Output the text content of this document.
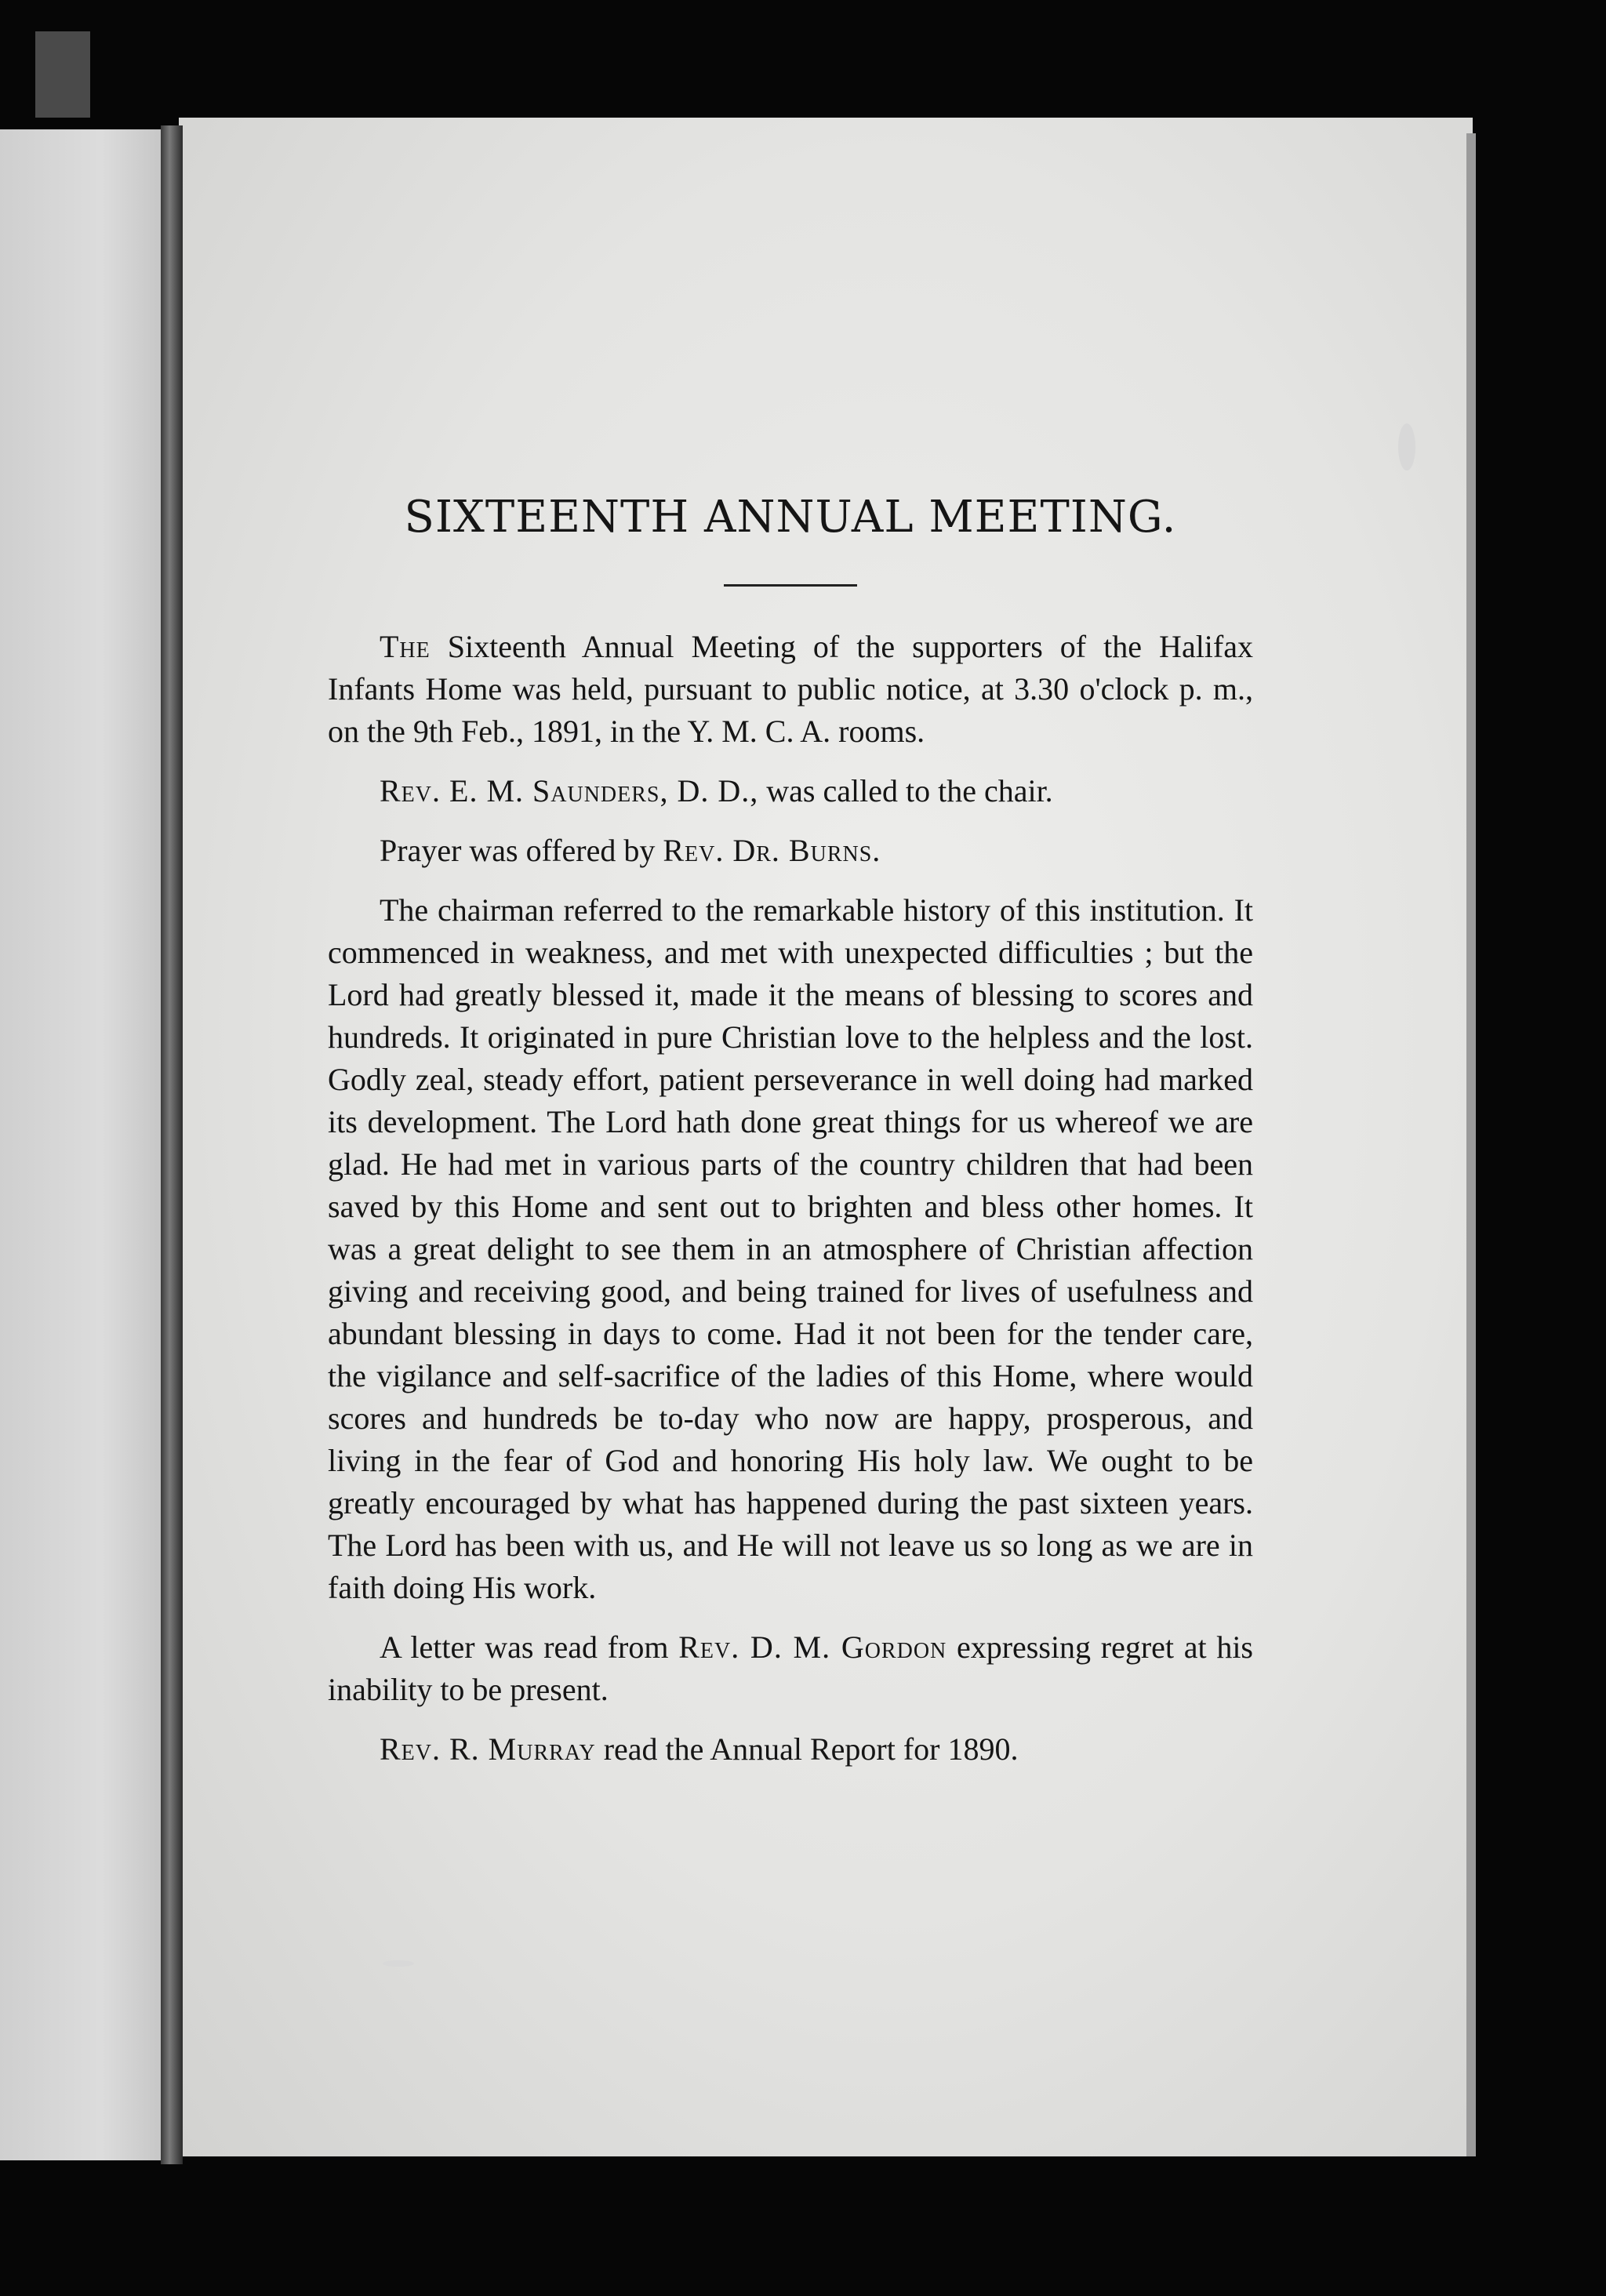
SIXTEENTH ANNUAL MEETING.

The Sixteenth Annual Meeting of the supporters of the Halifax Infants Home was held, pursuant to public notice, at 3.30 o'clock p. m., on the 9th Feb., 1891, in the Y. M. C. A. rooms.

Rev. E. M. Saunders, D. D., was called to the chair.

Prayer was offered by Rev. Dr. Burns.

The chairman referred to the remarkable history of this institution. It commenced in weakness, and met with unexpected difficulties ; but the Lord had greatly blessed it, made it the means of blessing to scores and hundreds. It originated in pure Christian love to the helpless and the lost. Godly zeal, steady effort, patient perseverance in well doing had marked its development. The Lord hath done great things for us whereof we are glad. He had met in various parts of the country children that had been saved by this Home and sent out to brighten and bless other homes. It was a great delight to see them in an atmosphere of Christian affection giving and receiving good, and being trained for lives of usefulness and abundant blessing in days to come. Had it not been for the tender care, the vigilance and self-sacrifice of the ladies of this Home, where would scores and hundreds be to-day who now are happy, prosperous, and living in the fear of God and honoring His holy law. We ought to be greatly encouraged by what has happened during the past sixteen years. The Lord has been with us, and He will not leave us so long as we are in faith doing His work.

A letter was read from Rev. D. M. Gordon expressing regret at his inability to be present.

Rev. R. Murray read the Annual Report for 1890.
